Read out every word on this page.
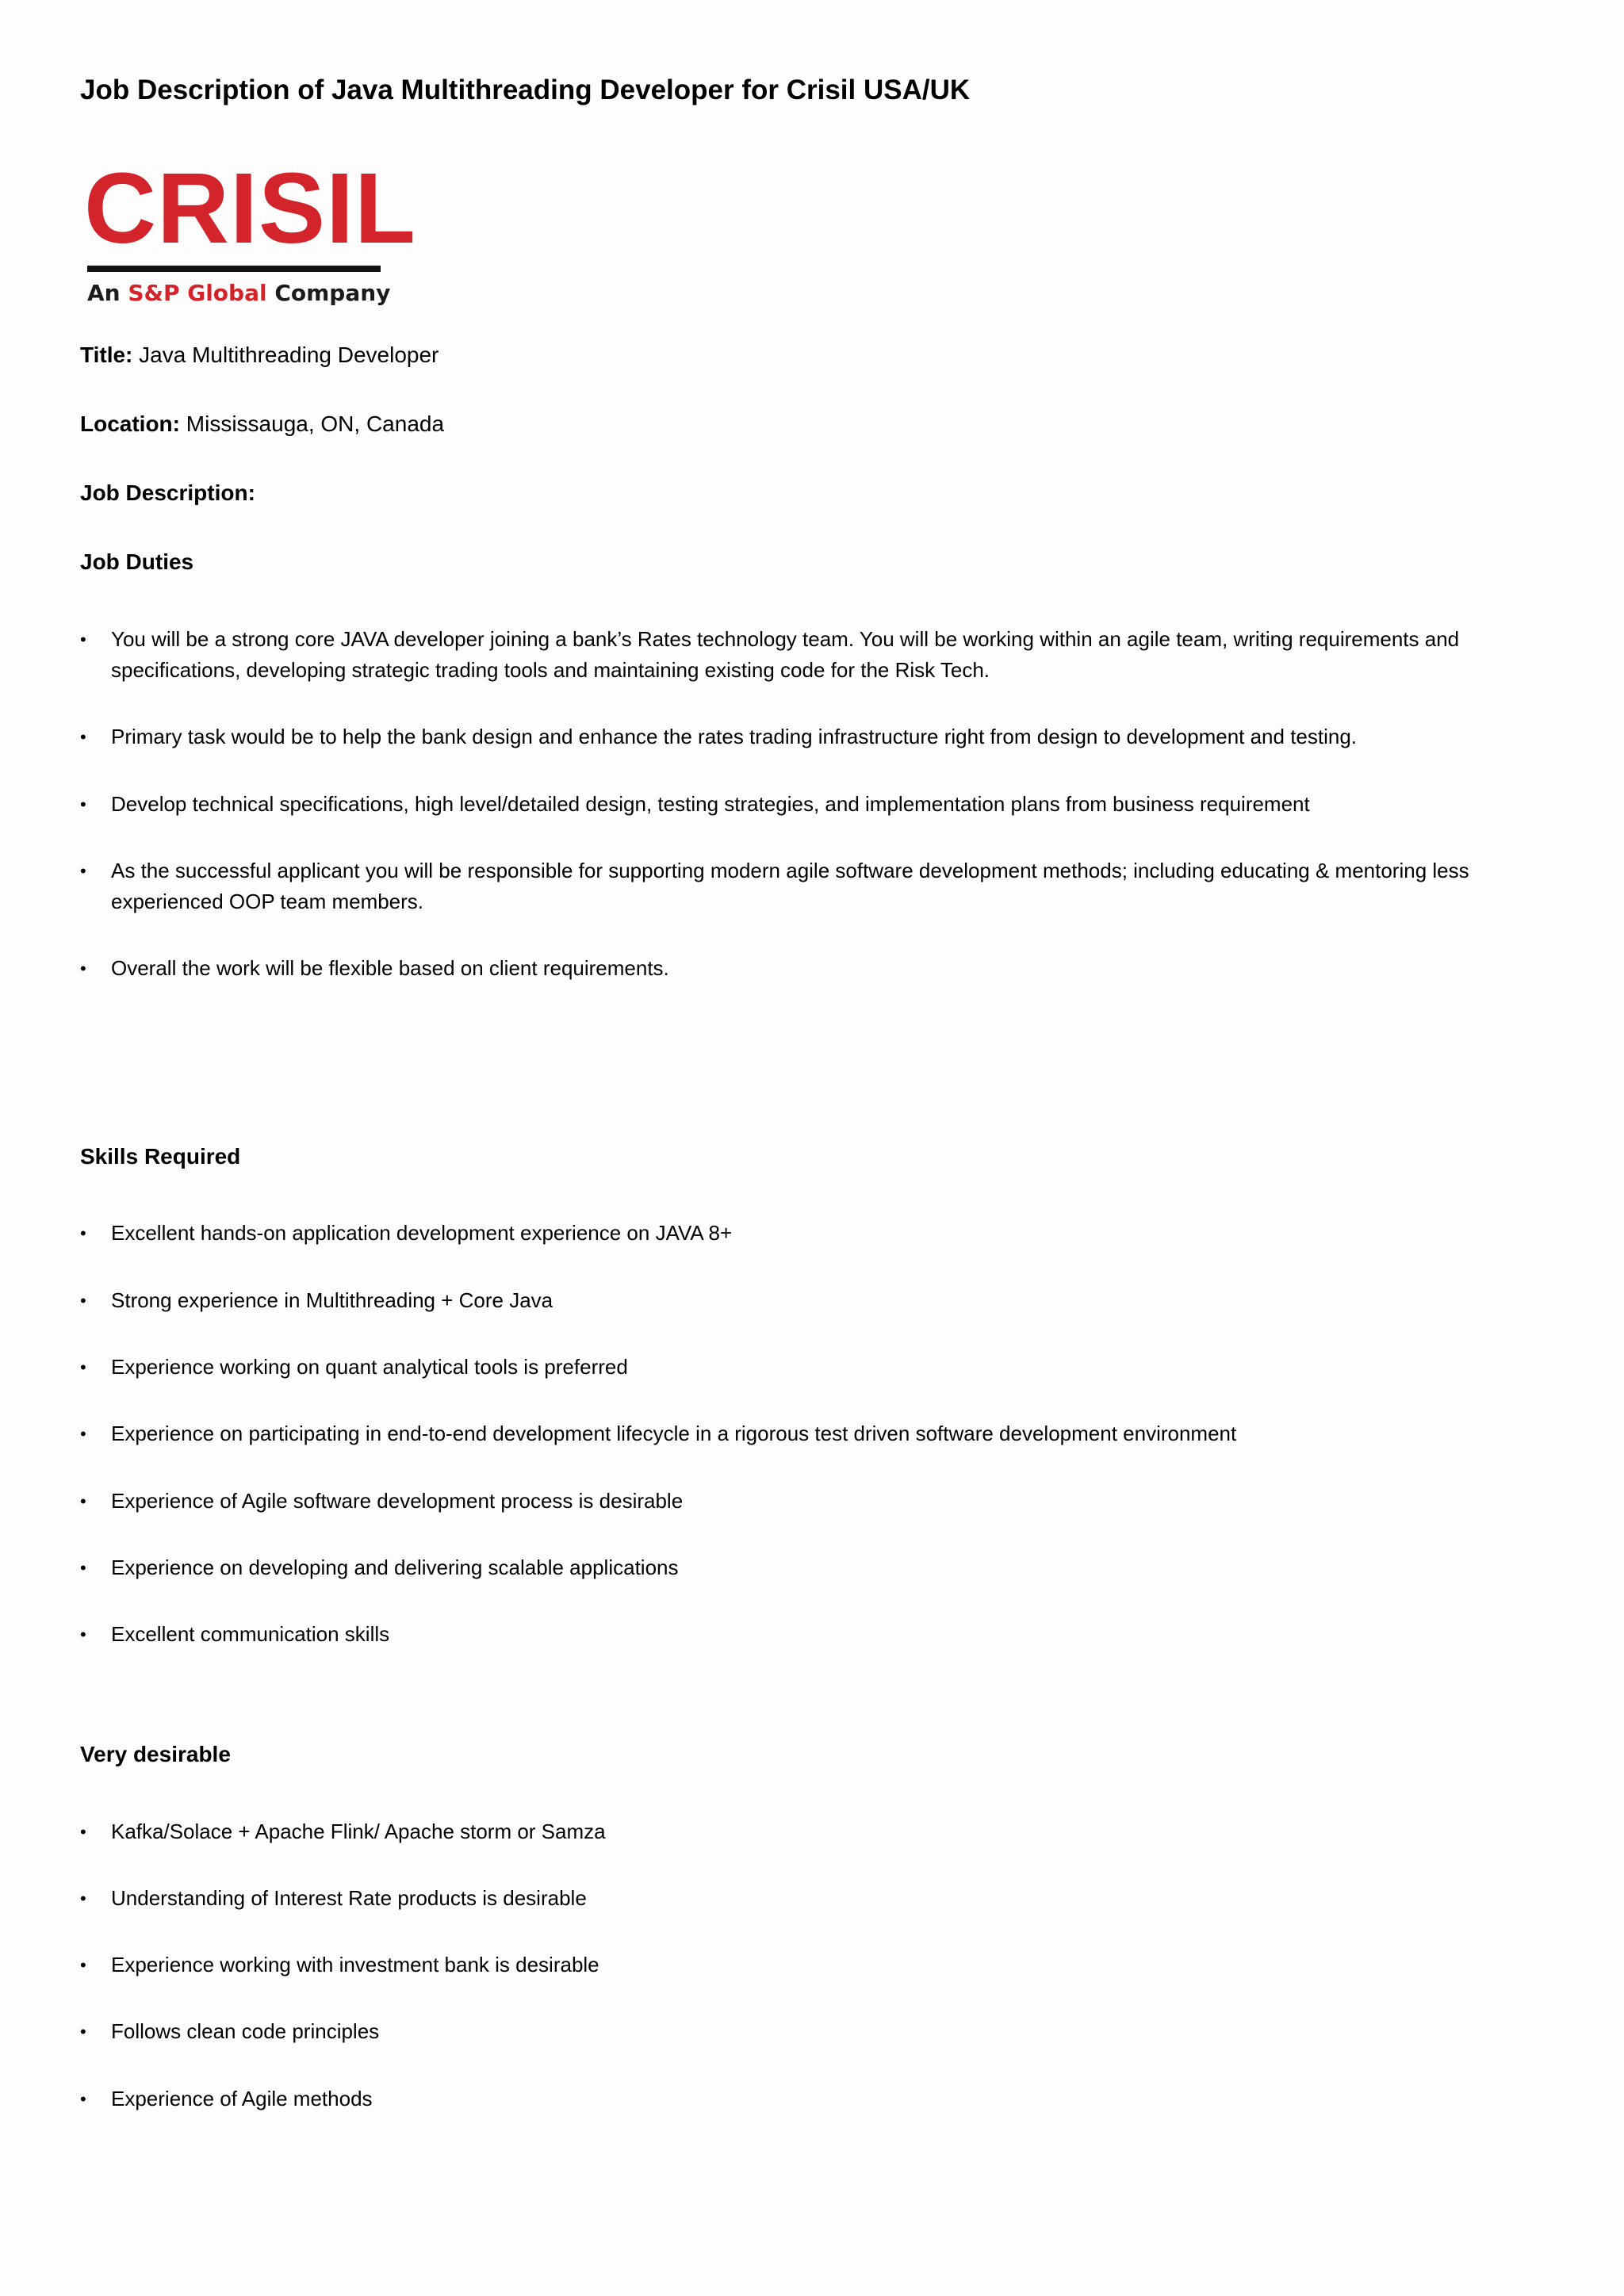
Job Description of Java Multithreading Developer for Crisil USA/UK
CRISIL
An S&P Global Company

Title: Java Multithreading Developer

Location: Mississauga, ON, Canada

Job Description:

Job Duties

•	You will be a strong core JAVA developer joining a bank’s Rates technology team. You will be working within an agile team, writing requirements and specifications, developing strategic trading tools and maintaining existing code for the Risk Tech.
•	Primary task would be to help the bank design and enhance the rates trading infrastructure right from design to development and testing.
•	Develop technical specifications, high level/detailed design, testing strategies, and implementation plans from business requirement
•	As the successful applicant you will be responsible for supporting modern agile software development methods; including educating & mentoring less experienced OOP team members.
•	Overall the work will be flexible based on client requirements.

Skills Required

•	Excellent hands-on application development experience on JAVA 8+
•	Strong experience in Multithreading + Core Java
•	Experience working on quant analytical tools is preferred
•	Experience on participating in end-to-end development lifecycle in a rigorous test driven software development environment
•	Experience of Agile software development process is desirable
•	Experience on developing and delivering scalable applications
•	Excellent communication skills

Very desirable

•	Kafka/Solace + Apache Flink/ Apache storm or Samza
•	Understanding of Interest Rate products is desirable
•	Experience working with investment bank is desirable
•	Follows clean code principles
•	Experience of Agile methods
